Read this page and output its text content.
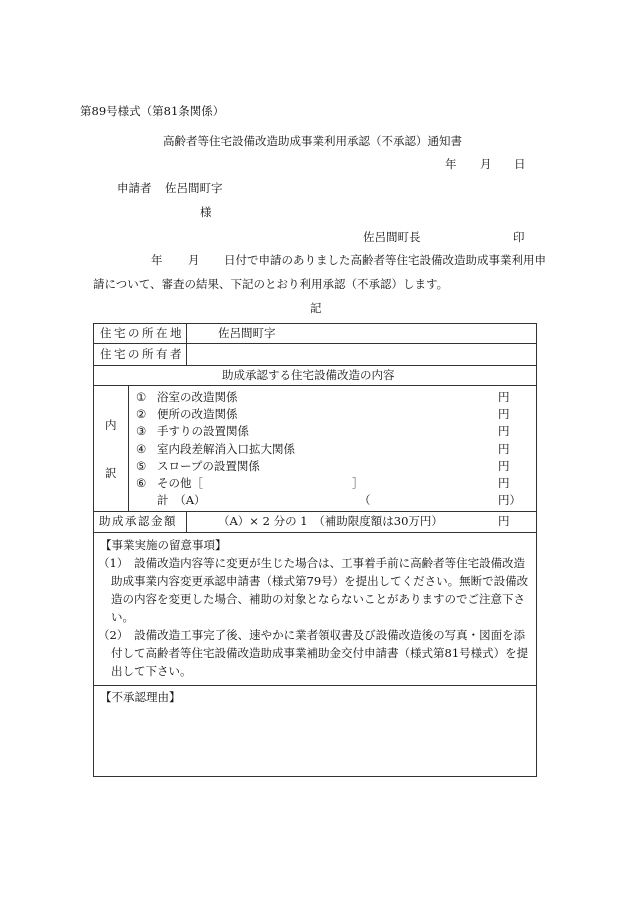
第89号様式（第81条関係）
高齢者等住宅設備改造助成事業利用承認（不承認）通知書
年 月 日
申請者 佐呂間町字
様
佐呂間町長	印
年 月 日付で申請のありました高齢者等住宅設備改造助成事業利用申
請について、審査の結果、下記のとおり利用承認（不承認）します。
記
住宅の所在地	佐呂間町字
住宅の所有者
助成承認する住宅設備改造の内容
内
訳
① 浴室の改造関係	円
② 便所の改造関係	円
③ 手すりの設置関係	円
④ 室内段差解消入口拡大関係	円
⑤ スロープの設置関係	円
⑥ その他［	］	円
計　（A）	（	円）
助成承認金額	（A）× 2 分の 1　（補助限度額は30万円）	円
【事業実施の留意事項】
（1）　設備改造内容等に変更が生じた場合は、工事着手前に高齢者等住宅設備改造
助成事業内容変更承認申請書（様式第79号）を提出してください。無断で設備改
造の内容を変更した場合、補助の対象とならないことがありますのでご注意下さ
い。
（2）　設備改造工事完了後、速やかに業者領収書及び設備改造後の写真・図面を添
付して高齢者等住宅設備改造助成事業補助金交付申請書（様式第81号様式）を提
出して下さい。
【不承認理由】
